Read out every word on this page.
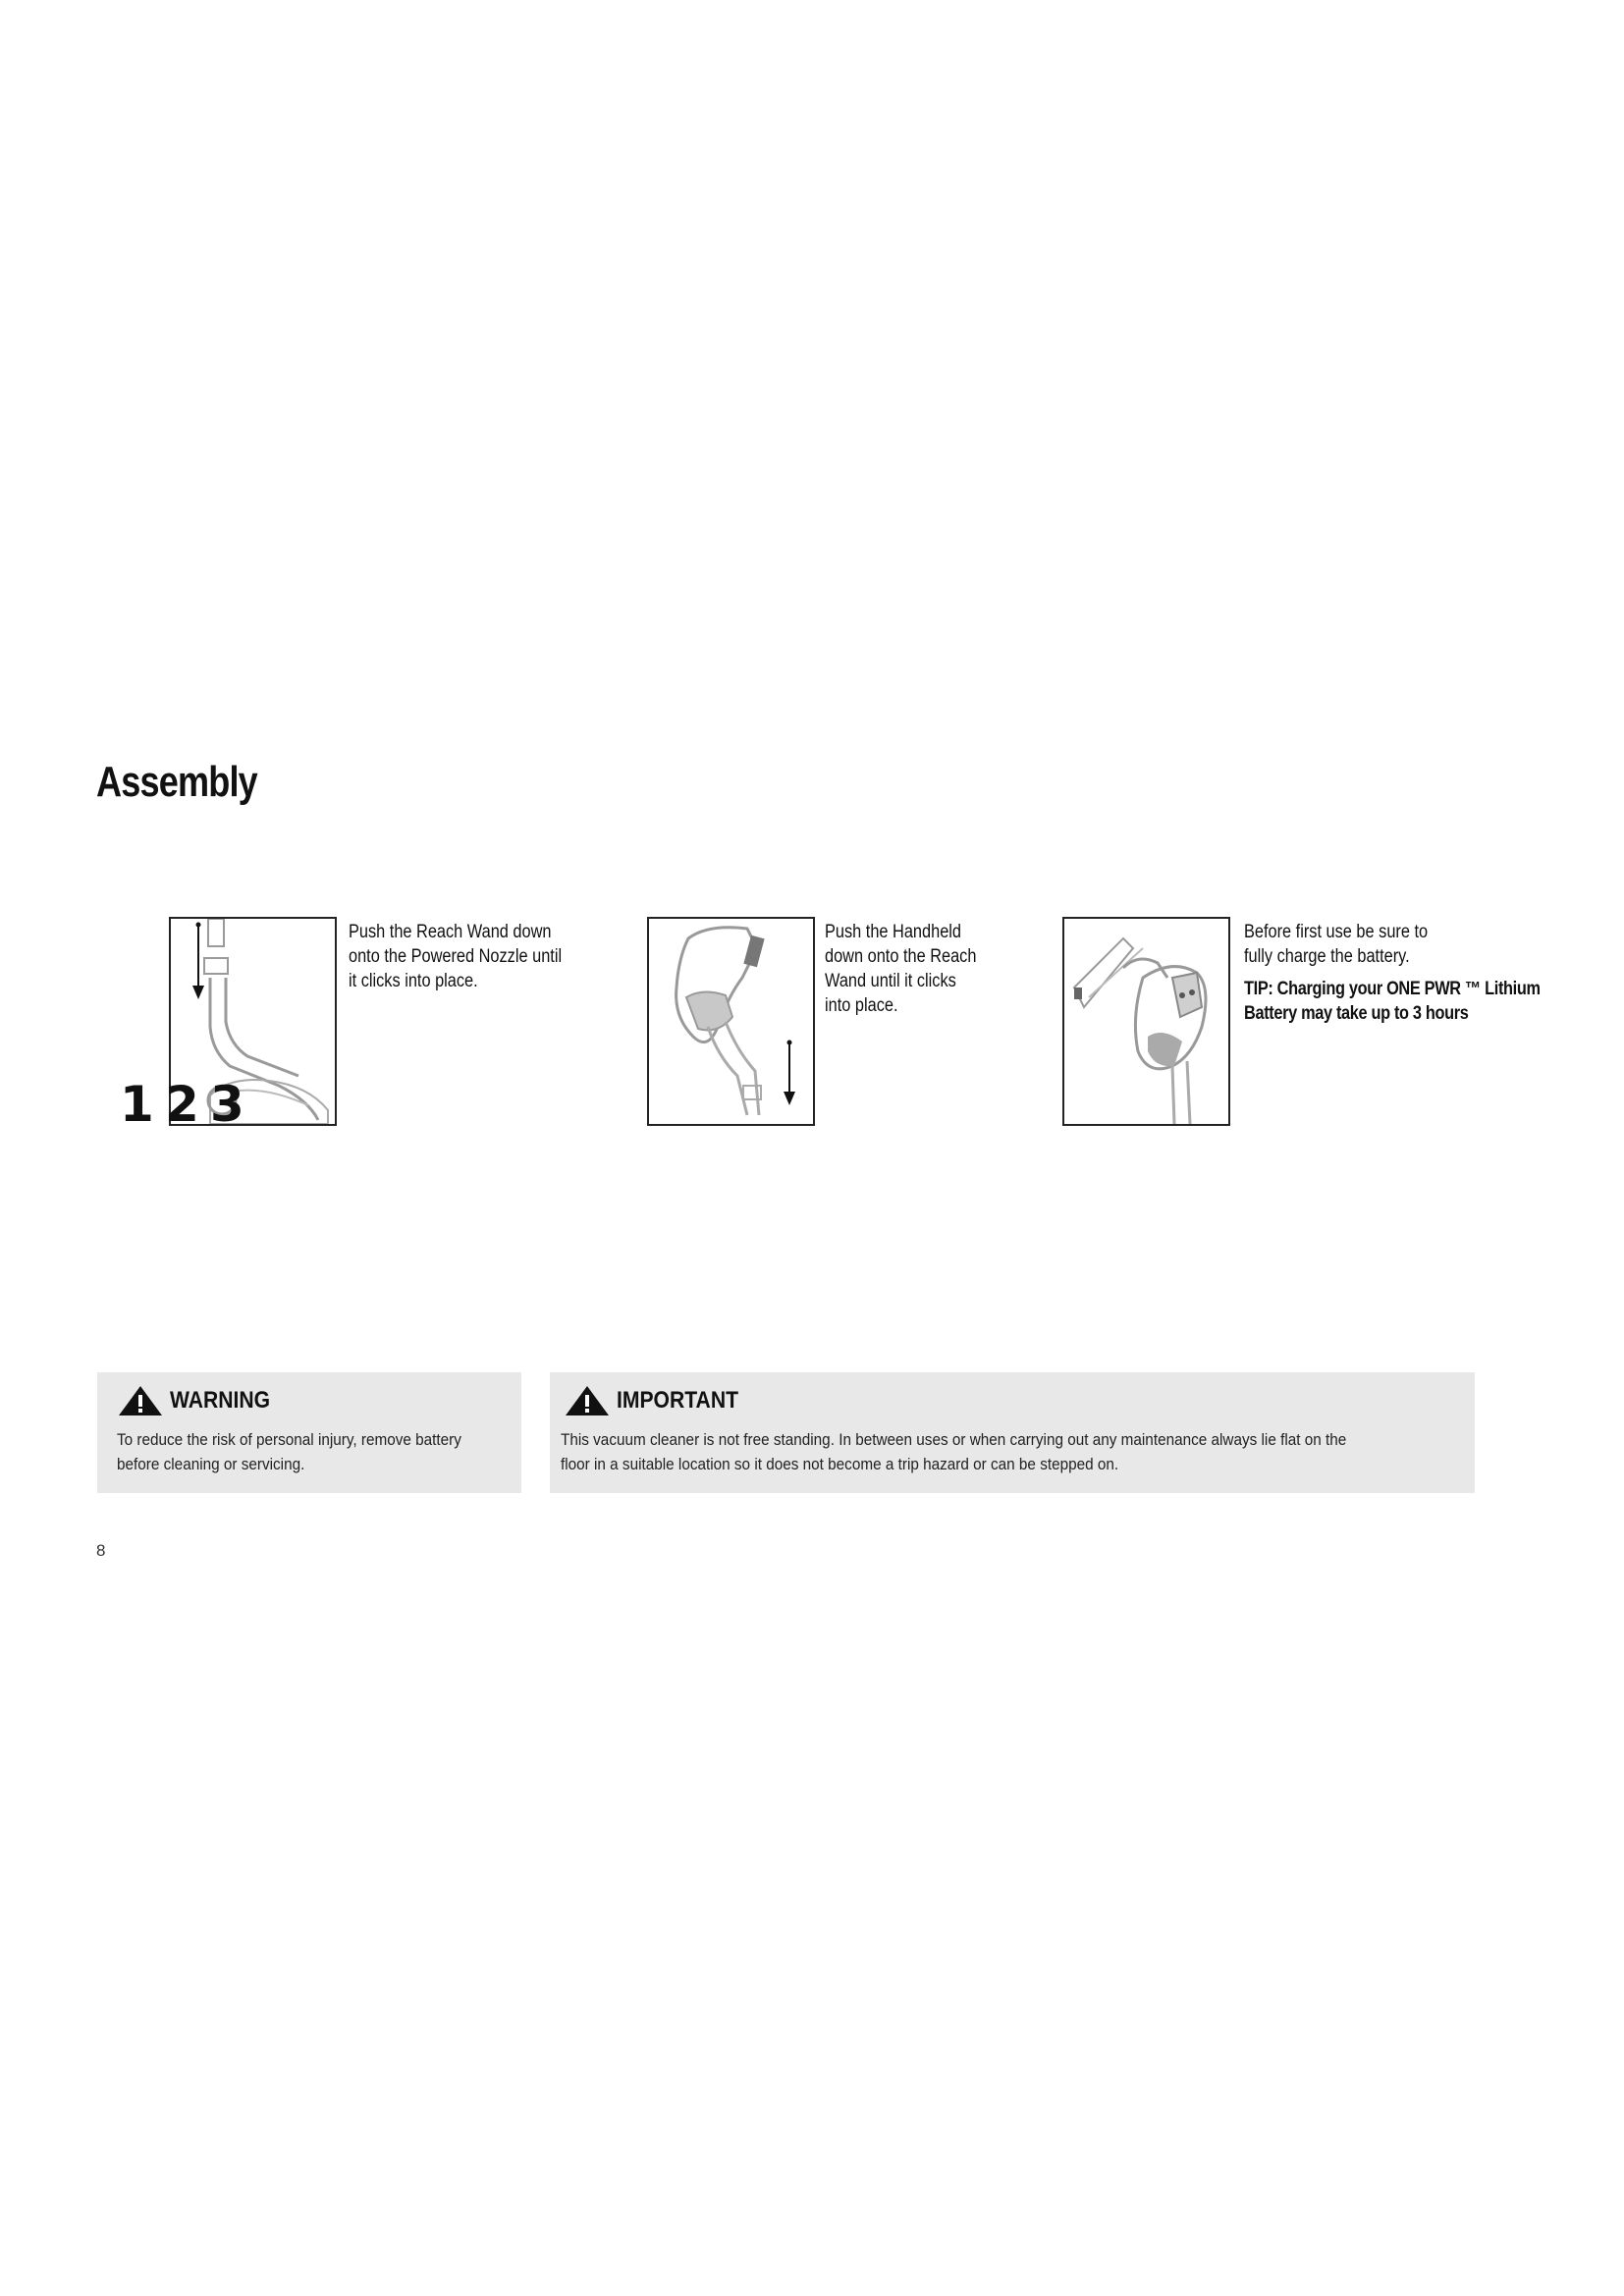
Assembly
Push the Reach Wand down
onto the Powered Nozzle until
it clicks into place.
Push the Handheld
down onto the Reach
Wand until it clicks
into place.
Before first use be sure to
fully charge the battery.
TIP: Charging your ONE PWR ™ Lithium
Battery may take up to 3 hours
1 2 3
WARNING
To reduce the risk of personal injury, remove battery
before cleaning or servicing.
IMPORTANT
This vacuum cleaner is not free standing. In between uses or when carrying out any maintenance always lie flat on the
floor in a suitable location so it does not become a trip hazard or can be stepped on.
8
